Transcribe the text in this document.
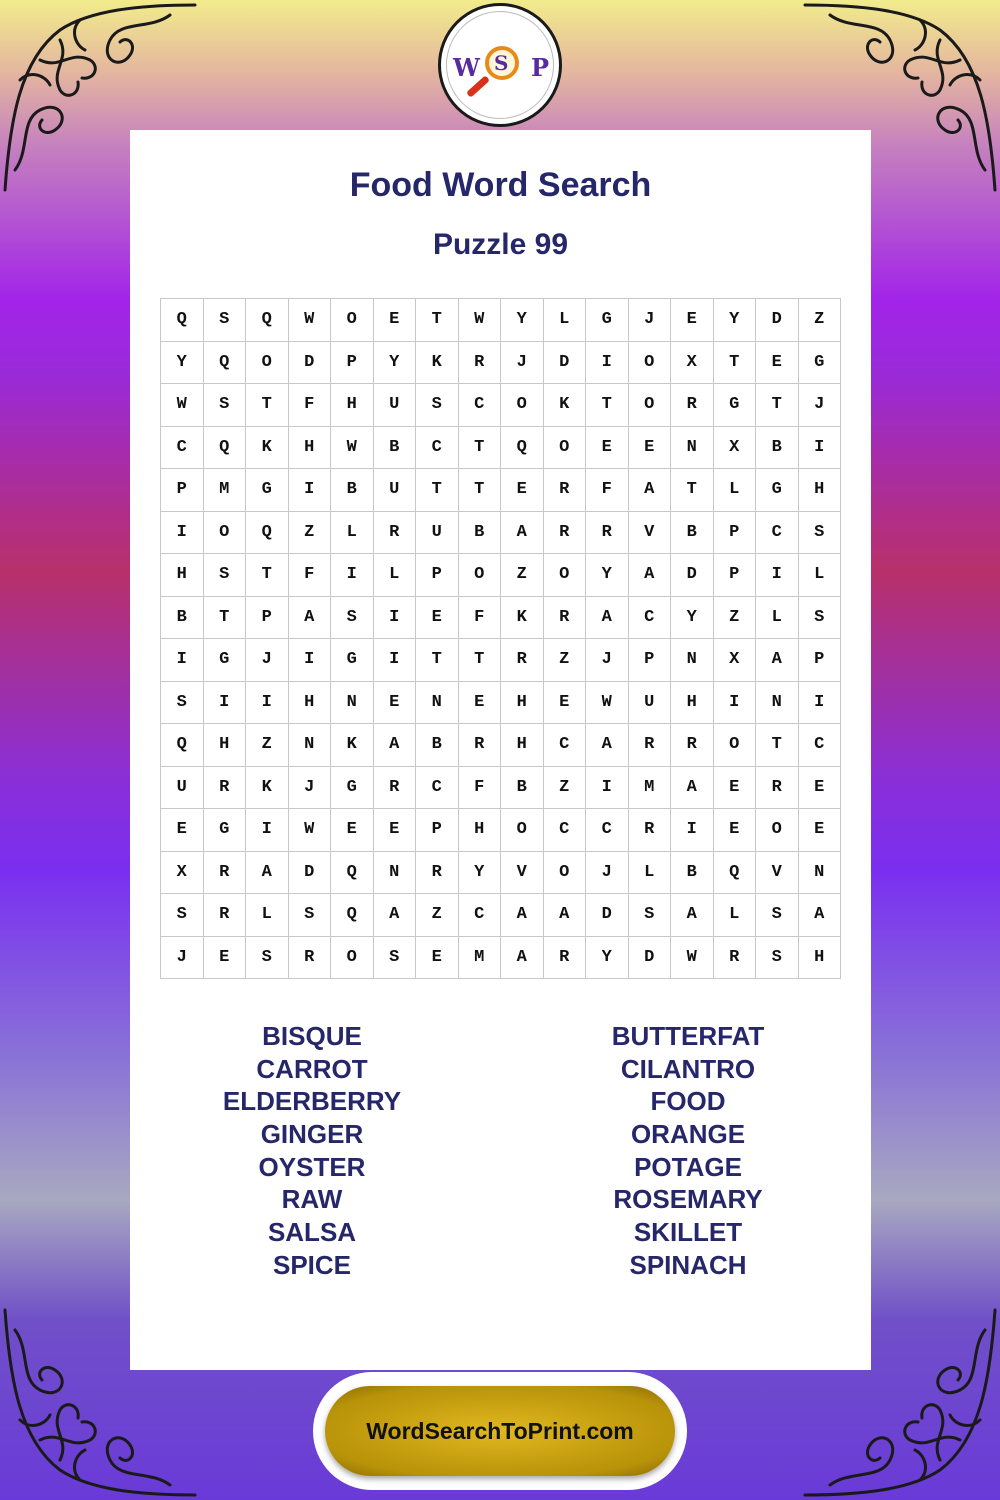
W S P
Food Word Search
Puzzle 99
Q	S	Q	W	O	E	T	W	Y	L	G	J	E	Y	D	Z
Y	Q	O	D	P	Y	K	R	J	D	I	O	X	T	E	G
W	S	T	F	H	U	S	C	O	K	T	O	R	G	T	J
C	Q	K	H	W	B	C	T	Q	O	E	E	N	X	B	I
P	M	G	I	B	U	T	T	E	R	F	A	T	L	G	H
I	O	Q	Z	L	R	U	B	A	R	R	V	B	P	C	S
H	S	T	F	I	L	P	O	Z	O	Y	A	D	P	I	L
B	T	P	A	S	I	E	F	K	R	A	C	Y	Z	L	S
I	G	J	I	G	I	T	T	R	Z	J	P	N	X	A	P
S	I	I	H	N	E	N	E	H	E	W	U	H	I	N	I
Q	H	Z	N	K	A	B	R	H	C	A	R	R	O	T	C
U	R	K	J	G	R	C	F	B	Z	I	M	A	E	R	E
E	G	I	W	E	E	P	H	O	C	C	R	I	E	O	E
X	R	A	D	Q	N	R	Y	V	O	J	L	B	Q	V	N
S	R	L	S	Q	A	Z	C	A	A	D	S	A	L	S	A
J	E	S	R	O	S	E	M	A	R	Y	D	W	R	S	H
BISQUE
CARROT
ELDERBERRY
GINGER
OYSTER
RAW
SALSA
SPICE
BUTTERFAT
CILANTRO
FOOD
ORANGE
POTAGE
ROSEMARY
SKILLET
SPINACH
WordSearchToPrint.com
